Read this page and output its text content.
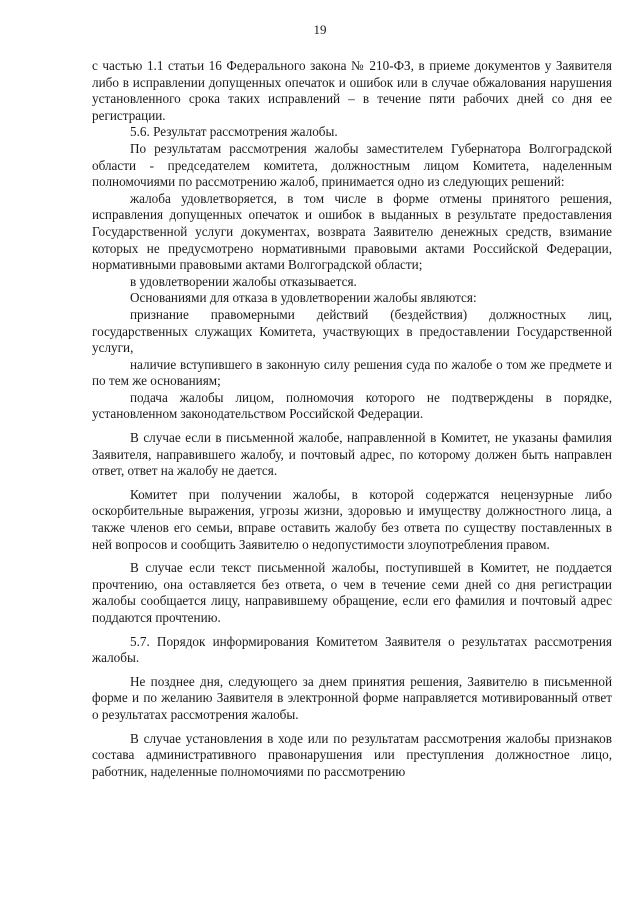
19

с частью 1.1 статьи 16 Федерального закона № 210-ФЗ, в приеме документов у Заявителя либо в исправлении допущенных опечаток и ошибок или в случае обжалования нарушения установленного срока таких исправлений – в течение пяти рабочих дней со дня ее регистрации.

5.6. Результат рассмотрения жалобы.

По результатам рассмотрения жалобы заместителем Губернатора Волгоградской области - председателем комитета, должностным лицом Комитета, наделенным полномочиями по рассмотрению жалоб, принимается одно из следующих решений:

жалоба удовлетворяется, в том числе в форме отмены принятого решения, исправления допущенных опечаток и ошибок в выданных в результате предоставления Государственной услуги документах, возврата Заявителю денежных средств, взимание которых не предусмотрено нормативными правовыми актами Российской Федерации, нормативными правовыми актами Волгоградской области;

в удовлетворении жалобы отказывается.

Основаниями для отказа в удовлетворении жалобы являются:

признание правомерными действий (бездействия) должностных лиц, государственных служащих Комитета, участвующих в предоставлении Государственной услуги,

наличие вступившего в законную силу решения суда по жалобе о том же предмете и по тем же основаниям;

подача жалобы лицом, полномочия которого не подтверждены в порядке, установленном законодательством Российской Федерации.

В случае если в письменной жалобе, направленной в Комитет, не указаны фамилия Заявителя, направившего жалобу, и почтовый адрес, по которому должен быть направлен ответ, ответ на жалобу не дается.

Комитет при получении жалобы, в которой содержатся нецензурные либо оскорбительные выражения, угрозы жизни, здоровью и имуществу должностного лица, а также членов его семьи, вправе оставить жалобу без ответа по существу поставленных в ней вопросов и сообщить Заявителю о недопустимости злоупотребления правом.

В случае если текст письменной жалобы, поступившей в Комитет, не поддается прочтению, она оставляется без ответа, о чем в течение семи дней со дня регистрации жалобы сообщается лицу, направившему обращение, если его фамилия и почтовый адрес поддаются прочтению.

5.7. Порядок информирования Комитетом Заявителя о результатах рассмотрения жалобы.

Не позднее дня, следующего за днем принятия решения, Заявителю в письменной форме и по желанию Заявителя в электронной форме направляется мотивированный ответ о результатах рассмотрения жалобы.

В случае установления в ходе или по результатам рассмотрения жалобы признаков состава административного правонарушения или преступления должностное лицо, работник, наделенные полномочиями по рассмотрению
